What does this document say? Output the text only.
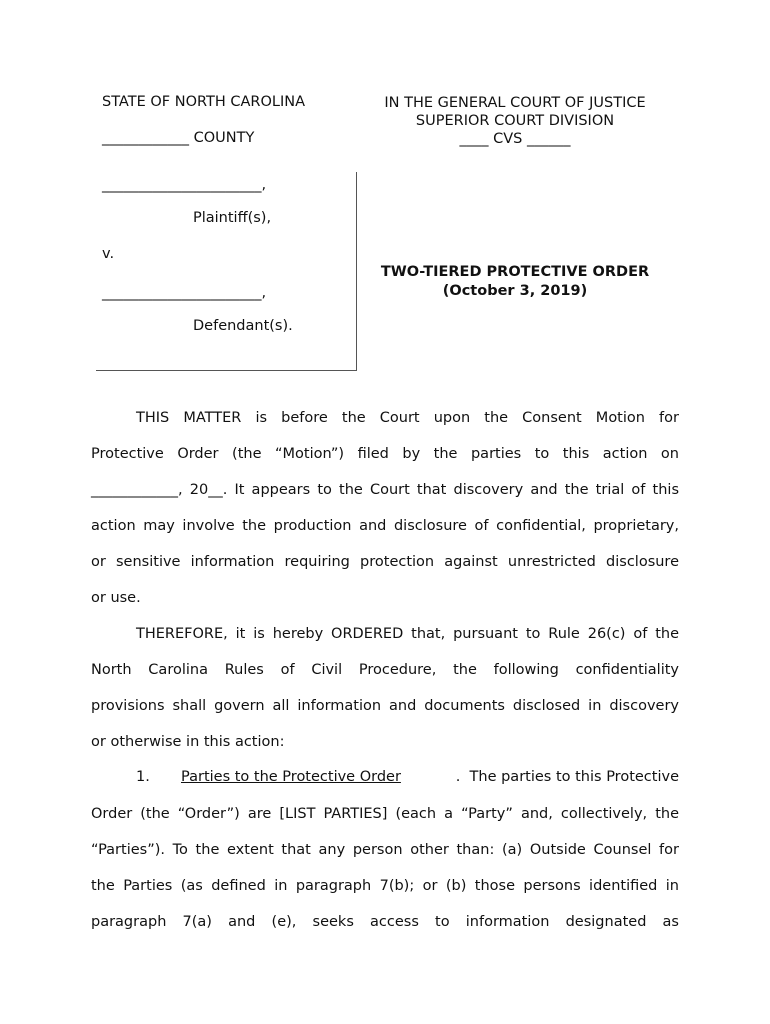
STATE OF NORTH CAROLINA
____________ COUNTY
IN THE GENERAL COURT OF JUSTICE
SUPERIOR COURT DIVISION
____ CVS ______
______________________,
Plaintiff(s),
v.
______________________,
Defendant(s).
TWO-TIERED PROTECTIVE ORDER
(October 3, 2019)
THIS MATTER is before the Court upon the Consent Motion for
Protective Order (the “Motion”) filed by the parties to this action on
____________, 20__. It appears to the Court that discovery and the trial of this
action may involve the production and disclosure of confidential, proprietary,
or sensitive information requiring protection against unrestricted disclosure
or use.
THEREFORE, it is hereby ORDERED that, pursuant to Rule 26(c) of the
North Carolina Rules of Civil Procedure, the following confidentiality
provisions shall govern all information and documents disclosed in discovery
or otherwise in this action:
1. Parties to the Protective Order	.  The parties to this Protective
Order (the “Order”) are [LIST PARTIES] (each a “Party” and, collectively, the
“Parties”). To the extent that any person other than: (a) Outside Counsel for
the Parties (as defined in paragraph 7(b); or (b) those persons identified in
paragraph 7(a) and (e), seeks access to information designated as
